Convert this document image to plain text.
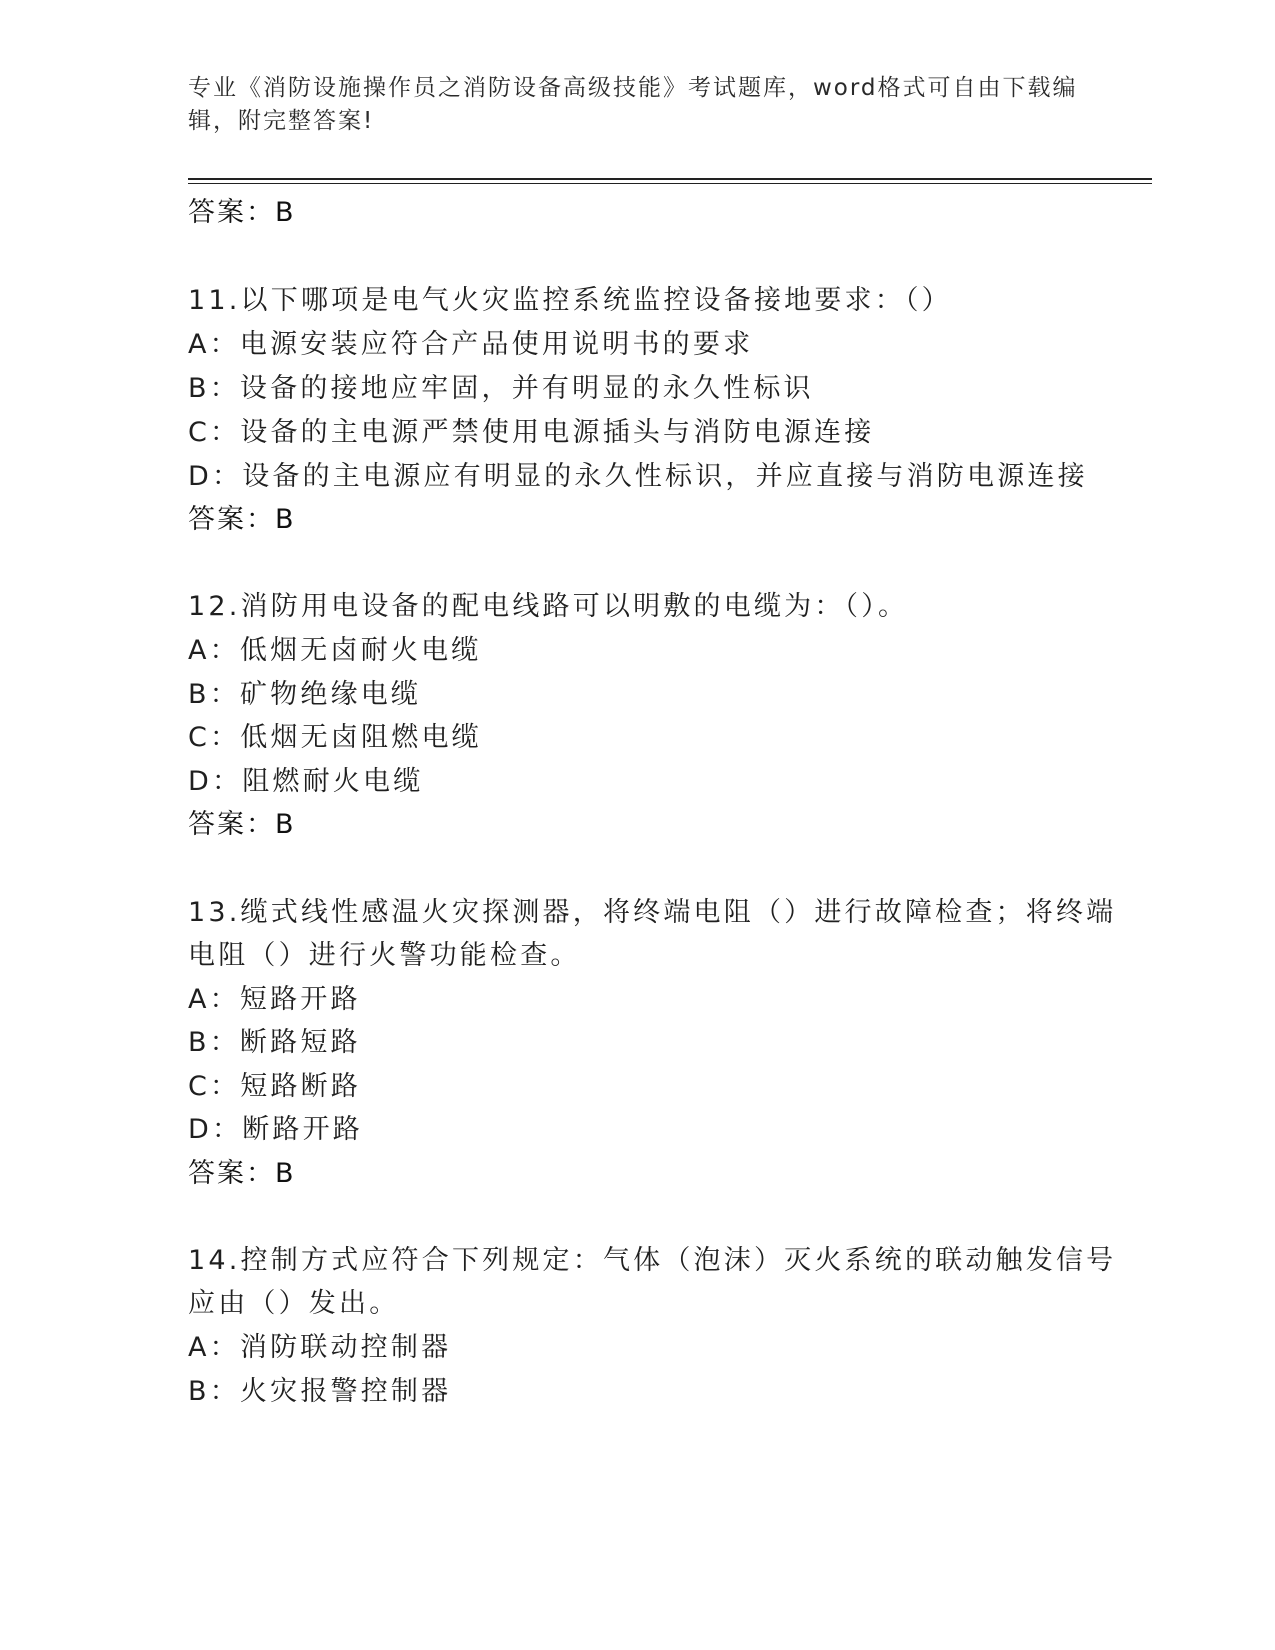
专业《消防设施操作员之消防设备高级技能》考试题库，word格式可自由下载编
辑，附完整答案!
答案：B
11.以下哪项是电气火灾监控系统监控设备接地要求：（）
A：电源安装应符合产品使用说明书的要求
B：设备的接地应牢固，并有明显的永久性标识
C：设备的主电源严禁使用电源插头与消防电源连接
D：设备的主电源应有明显的永久性标识，并应直接与消防电源连接
答案：B
12.消防用电设备的配电线路可以明敷的电缆为：（）。
A：低烟无卤耐火电缆
B：矿物绝缘电缆
C：低烟无卤阻燃电缆
D：阻燃耐火电缆
答案：B
13.缆式线性感温火灾探测器，将终端电阻（）进行故障检查；将终端
电阻（）进行火警功能检查。
A：短路开路
B：断路短路
C：短路断路
D：断路开路
答案：B
14.控制方式应符合下列规定：气体（泡沫）灭火系统的联动触发信号
应由（）发出。
A：消防联动控制器
B：火灾报警控制器
